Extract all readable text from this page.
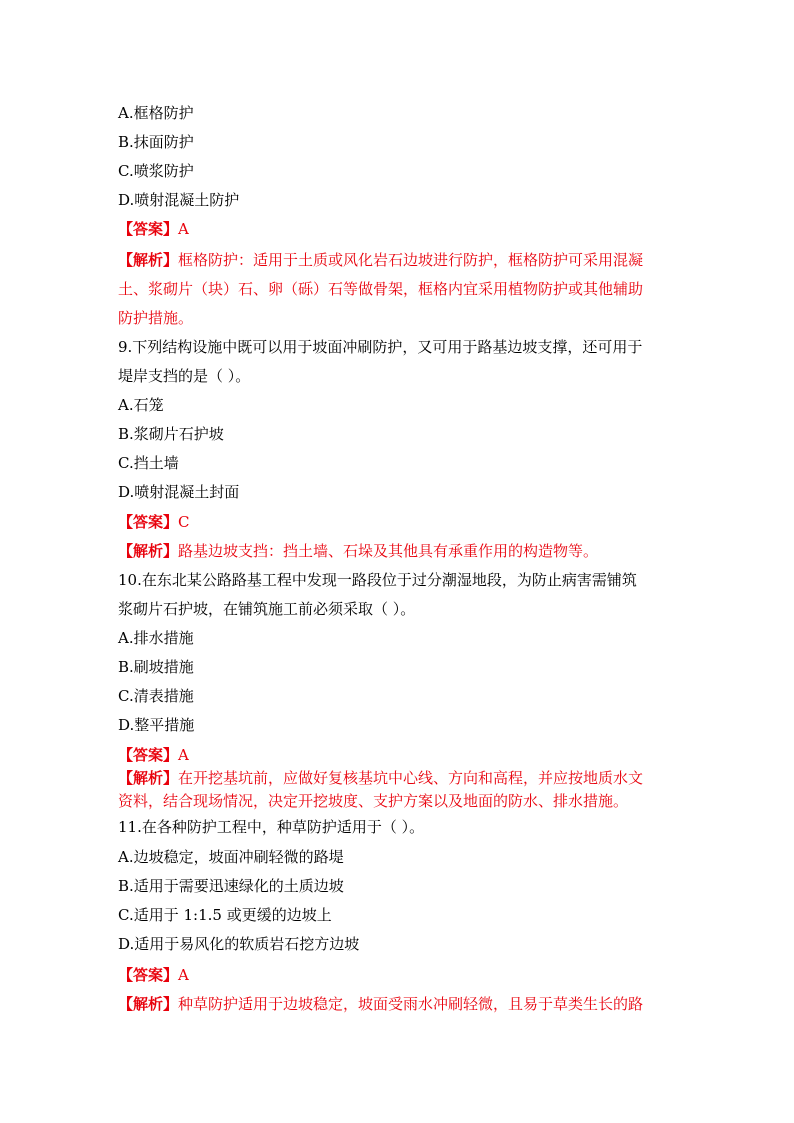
A.框格防护
B.抹面防护
C.喷浆防护
D.喷射混凝土防护
【答案】A
【解析】框格防护：适用于土质或风化岩石边坡进行防护，框格防护可采用混凝
土、浆砌片（块）石、卵（砾）石等做骨架，框格内宜采用植物防护或其他辅助
防护措施。
9.下列结构设施中既可以用于坡面冲刷防护，又可用于路基边坡支撑，还可用于
堤岸支挡的是（ ）。
A.石笼
B.浆砌片石护坡
C.挡土墙
D.喷射混凝土封面
【答案】C
【解析】路基边坡支挡：挡土墙、石垛及其他具有承重作用的构造物等。
10.在东北某公路路基工程中发现一路段位于过分潮湿地段，为防止病害需铺筑
浆砌片石护坡，在铺筑施工前必须采取（ ）。
A.排水措施
B.刷坡措施
C.清表措施
D.整平措施
【答案】A
【解析】在开挖基坑前，应做好复核基坑中心线、方向和高程，并应按地质水文
资料，结合现场情况，决定开挖坡度、支护方案以及地面的防水、排水措施。
11.在各种防护工程中，种草防护适用于（ ）。
A.边坡稳定，坡面冲刷轻微的路堤
B.适用于需要迅速绿化的土质边坡
C.适用于 1:1.5 或更缓的边坡上
D.适用于易风化的软质岩石挖方边坡
【答案】A
【解析】种草防护适用于边坡稳定，坡面受雨水冲刷轻微，且易于草类生长的路
